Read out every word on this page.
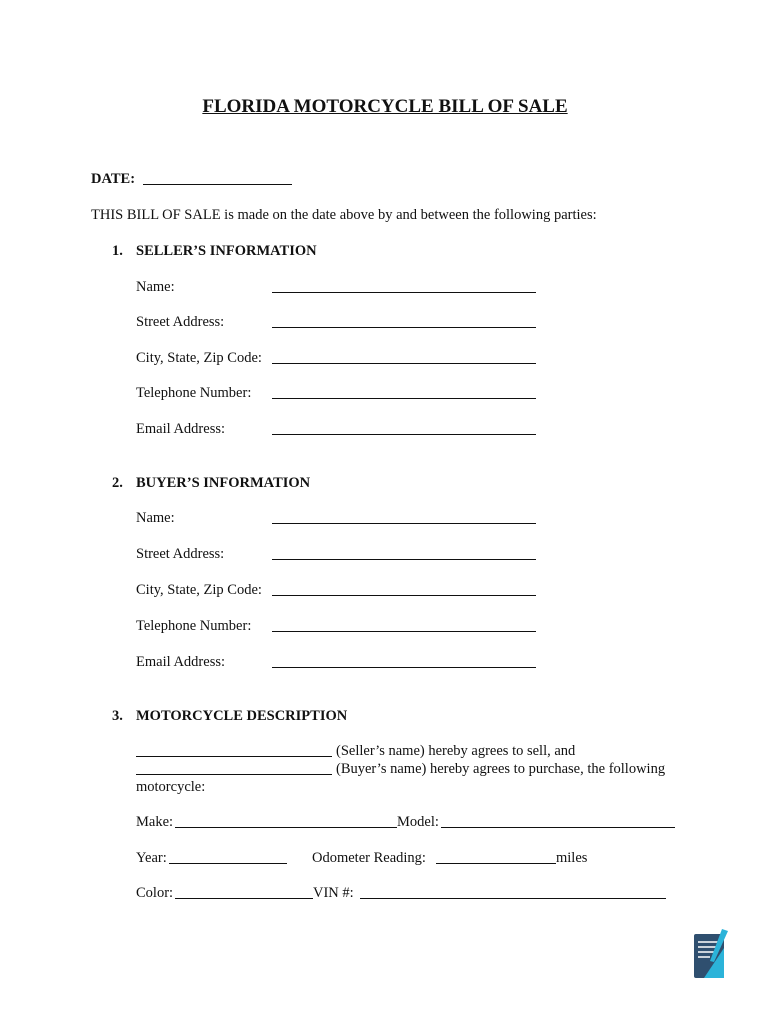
FLORIDA MOTORCYCLE BILL OF SALE
DATE:
THIS BILL OF SALE is made on the date above by and between the following parties:
1. SELLER’S INFORMATION
Name:
Street Address:
City, State, Zip Code:
Telephone Number:
Email Address:
2. BUYER’S INFORMATION
Name:
Street Address:
City, State, Zip Code:
Telephone Number:
Email Address:
3. MOTORCYCLE DESCRIPTION
(Seller’s name) hereby agrees to sell, and
(Buyer’s name) hereby agrees to purchase, the following
motorcycle:
Make:	Model:
Year:	Odometer Reading:	miles
Color:	VIN #:
